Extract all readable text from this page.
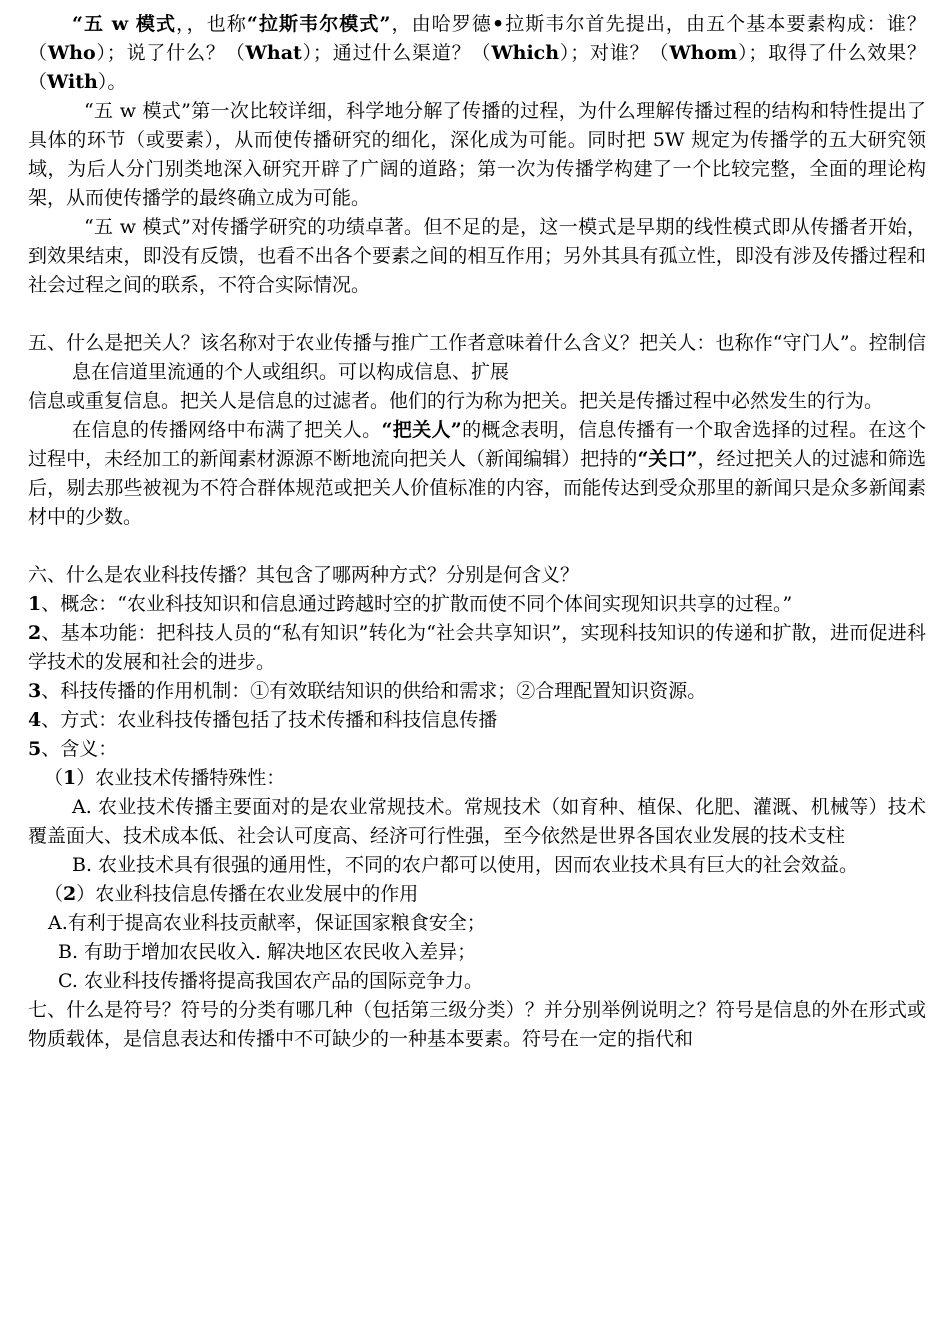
“五 w 模式，，也称“拉斯韦尔模式”，由哈罗德•拉斯韦尔首先提出，由五个基本要素构成：谁？（Who）；说了什么？（What）；通过什么渠道？（Which）；对谁？（Whom）；取得了什么效果？（With）。

“五 w 模式”第一次比较详细，科学地分解了传播的过程，为什么理解传播过程的结构和特性提出了具体的环节（或要素），从而使传播研究的细化，深化成为可能。同时把 5W 规定为传播学的五大研究领域，为后人分门别类地深入研究开辟了广阔的道路；第一次为传播学构建了一个比较完整，全面的理论构架，从而使传播学的最终确立成为可能。

“五 w 模式”对传播学研究的功绩卓著。但不足的是，这一模式是早期的线性模式即从传播者开始，到效果结束，即没有反馈，也看不出各个要素之间的相互作用；另外其具有孤立性，即没有涉及传播过程和社会过程之间的联系，不符合实际情况。

五、什么是把关人？该名称对于农业传播与推广工作者意味着什么含义？把关人：也称作“守门人”。控制信息在信道里流通的个人或组织。可以构成信息、扩展

信息或重复信息。把关人是信息的过滤者。他们的行为称为把关。把关是传播过程中必然发生的行为。

在信息的传播网络中布满了把关人。“把关人”的概念表明，信息传播有一个取舍选择的过程。在这个过程中，未经加工的新闻素材源源不断地流向把关人（新闻编辑）把持的“关口”，经过把关人的过滤和筛选后，剔去那些被视为不符合群体规范或把关人价值标准的内容，而能传达到受众那里的新闻只是众多新闻素材中的少数。

六、什么是农业科技传播？其包含了哪两种方式？分别是何含义？

1、概念：“农业科技知识和信息通过跨越时空的扩散而使不同个体间实现知识共享的过程。”

2、基本功能：把科技人员的“私有知识”转化为“社会共享知识”，实现科技知识的传递和扩散，进而促进科学技术的发展和社会的进步。

3、科技传播的作用机制：①有效联结知识的供给和需求；②合理配置知识资源。

4、方式：农业科技传播包括了技术传播和科技信息传播

5、含义：

（1）农业技术传播特殊性：

A. 农业技术传播主要面对的是农业常规技术。常规技术（如育种、植保、化肥、灌溉、机械等）技术覆盖面大、技术成本低、社会认可度高、经济可行性强，至今依然是世界各国农业发展的技术支柱

B. 农业技术具有很强的通用性，不同的农户都可以使用，因而农业技术具有巨大的社会效益。

（2）农业科技信息传播在农业发展中的作用

A.有利于提高农业科技贡献率，保证国家粮食安全；

B. 有助于增加农民收入. 解决地区农民收入差异；

C. 农业科技传播将提高我国农产品的国际竞争力。

七、什么是符号？符号的分类有哪几种（包括第三级分类）？并分别举例说明之？符号是信息的外在形式或物质载体，是信息表达和传播中不可缺少的一种基本要素。符号在一定的指代和
